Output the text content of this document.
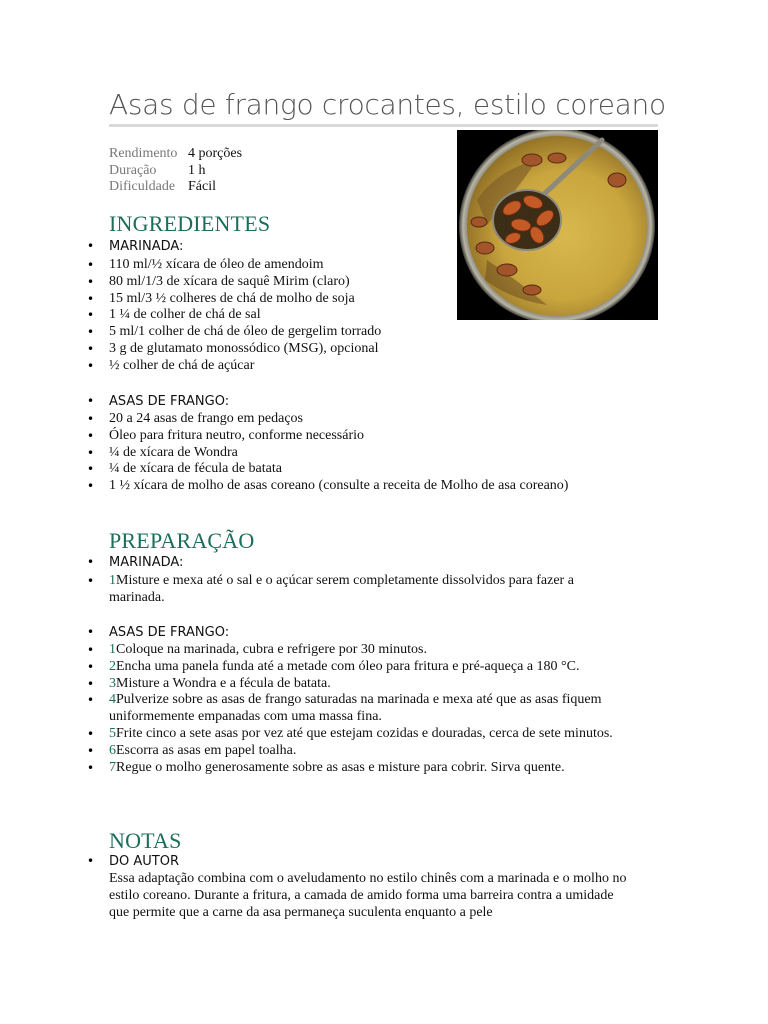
Asas de frango crocantes, estilo coreano
Rendimento 4 porções
Duração	1 h
Dificuldade Fácil
INGREDIENTES
• MARINADA:
• 110 ml/½ xícara de óleo de amendoim
• 80 ml/1/3 de xícara de saquê Mirim (claro)
• 15 ml/3 ½ colheres de chá de molho de soja
• 1 ¼ de colher de chá de sal
• 5 ml/1 colher de chá de óleo de gergelim torrado
• 3 g de glutamato monossódico (MSG), opcional
• ½ colher de chá de açúcar
• ASAS DE FRANGO:
• 20 a 24 asas de frango em pedaços
• Óleo para fritura neutro, conforme necessário
• ¼ de xícara de Wondra
• ¼ de xícara de fécula de batata
• 1 ½ xícara de molho de asas coreano (consulte a receita de Molho de asa coreano)
PREPARAÇÃO
• MARINADA:
• 1Misture e mexa até o sal e o açúcar serem completamente dissolvidos para fazer a marinada.
• ASAS DE FRANGO:
• 1Coloque na marinada, cubra e refrigere por 30 minutos.
• 2Encha uma panela funda até a metade com óleo para fritura e pré-aqueça a 180 °C.
• 3Misture a Wondra e a fécula de batata.
• 4Pulverize sobre as asas de frango saturadas na marinada e mexa até que as asas fiquem uniformemente empanadas com uma massa fina.
• 5Frite cinco a sete asas por vez até que estejam cozidas e douradas, cerca de sete minutos.
• 6Escorra as asas em papel toalha.
• 7Regue o molho generosamente sobre as asas e misture para cobrir. Sirva quente.
NOTAS
• DO AUTOR
Essa adaptação combina com o aveludamento no estilo chinês com a marinada e o molho no estilo coreano. Durante a fritura, a camada de amido forma uma barreira contra a umidade que permite que a carne da asa permaneça suculenta enquanto a pele
